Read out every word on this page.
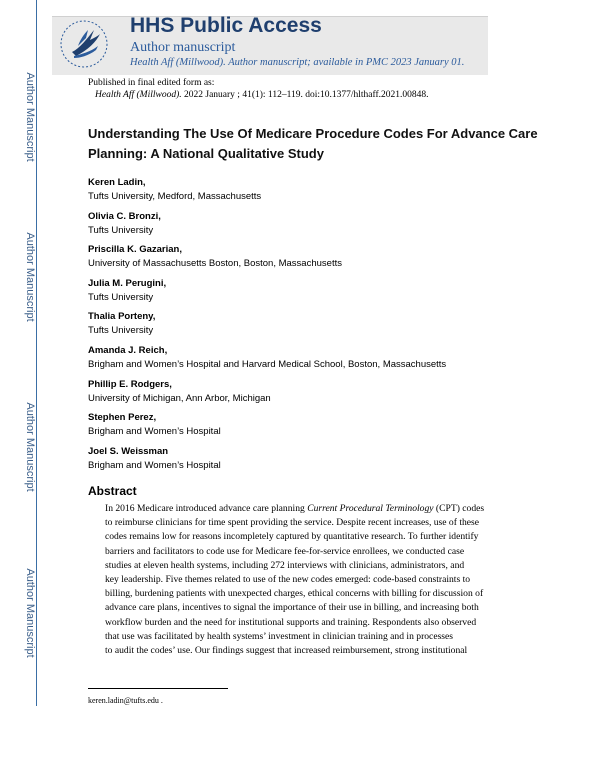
Author Manuscript
Author Manuscript
Author Manuscript
Author Manuscript
HHS Public Access
Author manuscript
Health Aff (Millwood). Author manuscript; available in PMC 2023 January 01.
Published in final edited form as:
Health Aff (Millwood). 2022 January ; 41(1): 112–119. doi:10.1377/hlthaff.2021.00848.
Understanding The Use Of Medicare Procedure Codes For Advance Care Planning: A National Qualitative Study
Keren Ladin,
Tufts University, Medford, Massachusetts
Olivia C. Bronzi,
Tufts University
Priscilla K. Gazarian,
University of Massachusetts Boston, Boston, Massachusetts
Julia M. Perugini,
Tufts University
Thalia Porteny,
Tufts University
Amanda J. Reich,
Brigham and Women’s Hospital and Harvard Medical School, Boston, Massachusetts
Phillip E. Rodgers,
University of Michigan, Ann Arbor, Michigan
Stephen Perez,
Brigham and Women’s Hospital
Joel S. Weissman
Brigham and Women’s Hospital
Abstract

In 2016 Medicare introduced advance care planning Current Procedural Terminology (CPT) codes

to reimburse clinicians for time spent providing the service. Despite recent increases, use of these

codes remains low for reasons incompletely captured by quantitative research. To further identify

barriers and facilitators to code use for Medicare fee-for-service enrollees, we conducted case

studies at eleven health systems, including 272 interviews with clinicians, administrators, and

key leadership. Five themes related to use of the new codes emerged: code-based constraints to

billing, burdening patients with unexpected charges, ethical concerns with billing for discussion of

advance care plans, incentives to signal the importance of their use in billing, and increasing both

workflow burden and the need for institutional supports and training. Respondents also observed

that use was facilitated by health systems’ investment in clinician training and in processes

to audit the codes’ use. Our findings suggest that increased reimbursement, strong institutional

keren.ladin@tufts.edu .
